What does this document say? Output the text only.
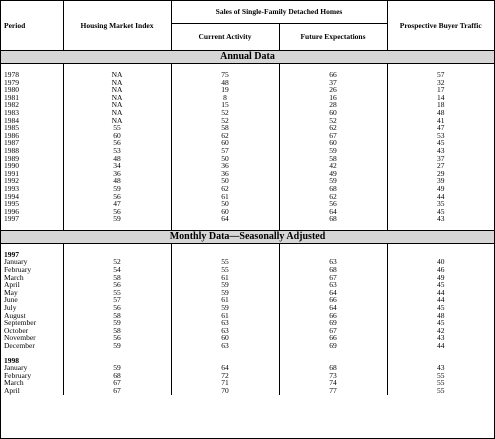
Period	Housing Market Index	Sales of Single-Family Detached Homes		Prospective Buyer Traffic
		Current Activity	Future Expectations	
Annual Data				

1978	NA	75	66	57
1979	NA	48	37	32
1980	NA	19	26	17
1981	NA	8	16	14
1982	NA	15	28	18
1983	NA	52	60	48
1984	NA	52	52	41
1985	55	58	62	47
1986	60	62	67	53
1987	56	60	60	45
1988	53	57	59	43
1989	48	50	58	37
1990	34	36	42	27
1991	36	36	49	29
1992	48	50	59	39
1993	59	62	68	49
1994	56	61	62	44
1995	47	50	56	35
1996	56	60	64	45
1997	59	64	68	43

Monthly Data—Seasonally Adjusted				

1997				
January	52	55	63	40
February	54	55	68	46
March	58	61	67	49
April	56	59	63	45
May	55	59	64	44
June	57	61	66	44
July	56	59	64	45
August	58	61	66	48
September	59	63	69	45
October	58	63	67	42
November	56	60	66	43
December	59	63	69	44

1998				
January	59	64	68	43
February	68	72	73	55
March	67	71	74	55
April	67	70	77	55
